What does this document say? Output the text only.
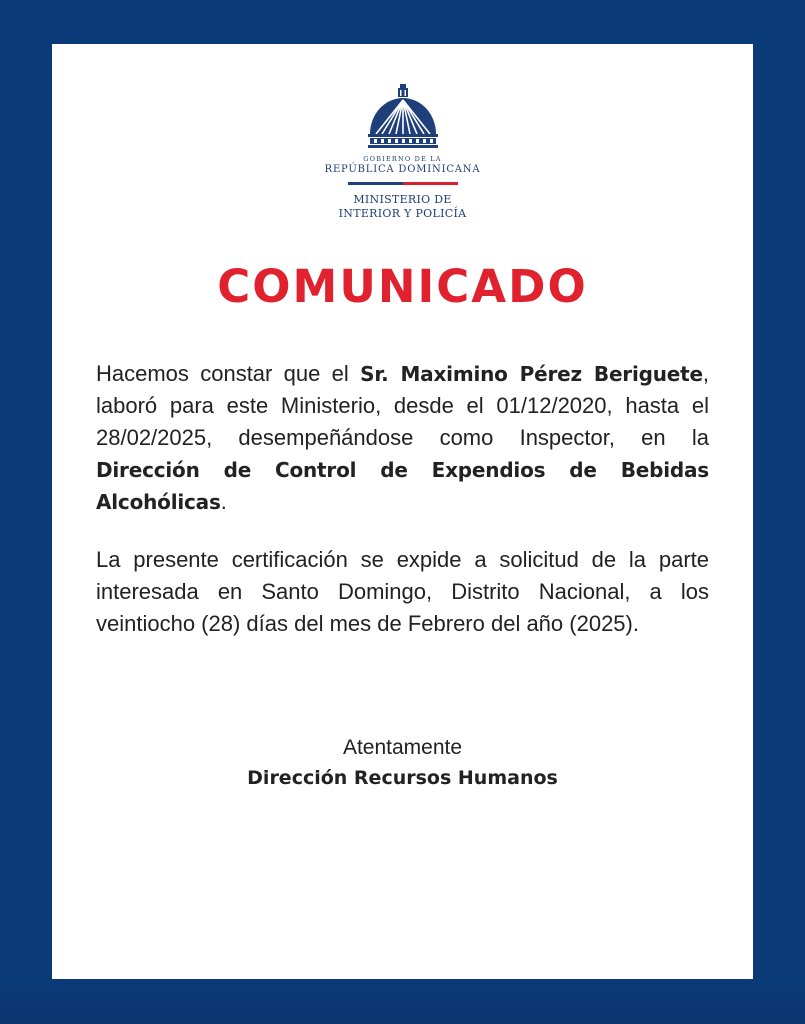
GOBIERNO DE LA
REPÚBLICA DOMINICANA
MINISTERIO DE
INTERIOR Y POLICÍA
COMUNICADO
Hacemos constar que el Sr. Maximino Pérez Beriguete, laboró para este Ministerio, desde el 01/12/2020, hasta el 28/02/2025, desempeñándose como Inspector, en la Dirección de Control de Expendios de Bebidas Alcohólicas.
La presente certificación se expide a solicitud de la parte interesada en Santo Domingo, Distrito Nacional, a los veintiocho (28) días del mes de Febrero del año (2025).
Atentamente
Dirección Recursos Humanos
